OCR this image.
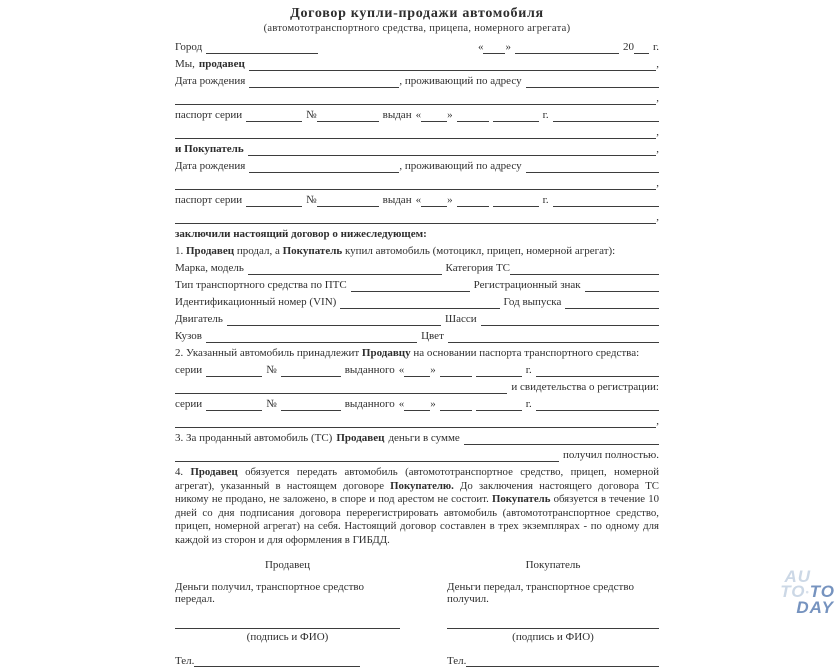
Договор купли-продажи автомобиля
(автомототранспортного средства, прицепа, номерного агрегата)
Город	« »	20 г.
Мы, продавец	,
Дата рождения	, проживающий по адресу
,
паспорт серии	№	выдан « »	г.
,
и Покупатель	,
Дата рождения	, проживающий по адресу
,
паспорт серии	№	выдан « »	г.
,

заключили настоящий договор о нижеследующем:

1. Продавец продал, а Покупатель купил автомобиль (мотоцикл, прицеп, номерной агрегат):

Марка, модель	Категория ТС
Тип транспортного средства по ПТС	Регистрационный знак
Идентификационный номер (VIN)	Год выпуска
Двигатель	Шасси
Кузов	Цвет

2. Указанный автомобиль принадлежит Продавцу на основании паспорта транспортного средства:

серии	№	выданного « »	г.
и свидетельства о регистрации:
серии	№	выданного « »	г.
,
3. За проданный автомобиль (ТС) Продавец деньги в сумме
получил полностью.

4. Продавец обязуется передать автомобиль (автомототранспортное средство, прицеп, номерной агрегат), указанный в настоящем договоре Покупателю. До заключения настоящего договора ТС никому не продано, не заложено, в споре и под арестом не состоит. Покупатель обязуется в течение 10 дней со дня подписания договора перерегистрировать автомобиль (автомототранспортное средство, прицеп, номерной агрегат) на себя. Настоящий договор составлен в трех экземплярах - по одному для каждой из сторон и для оформления в ГИБДД.

Продавец
Деньги получил, транспортное средство передал.
(подпись и ФИО)
Тел.
Покупатель
Деньги передал, транспортное средство получил.
(подпись и ФИО)
Тел.
AU
TO•TO
DAY
